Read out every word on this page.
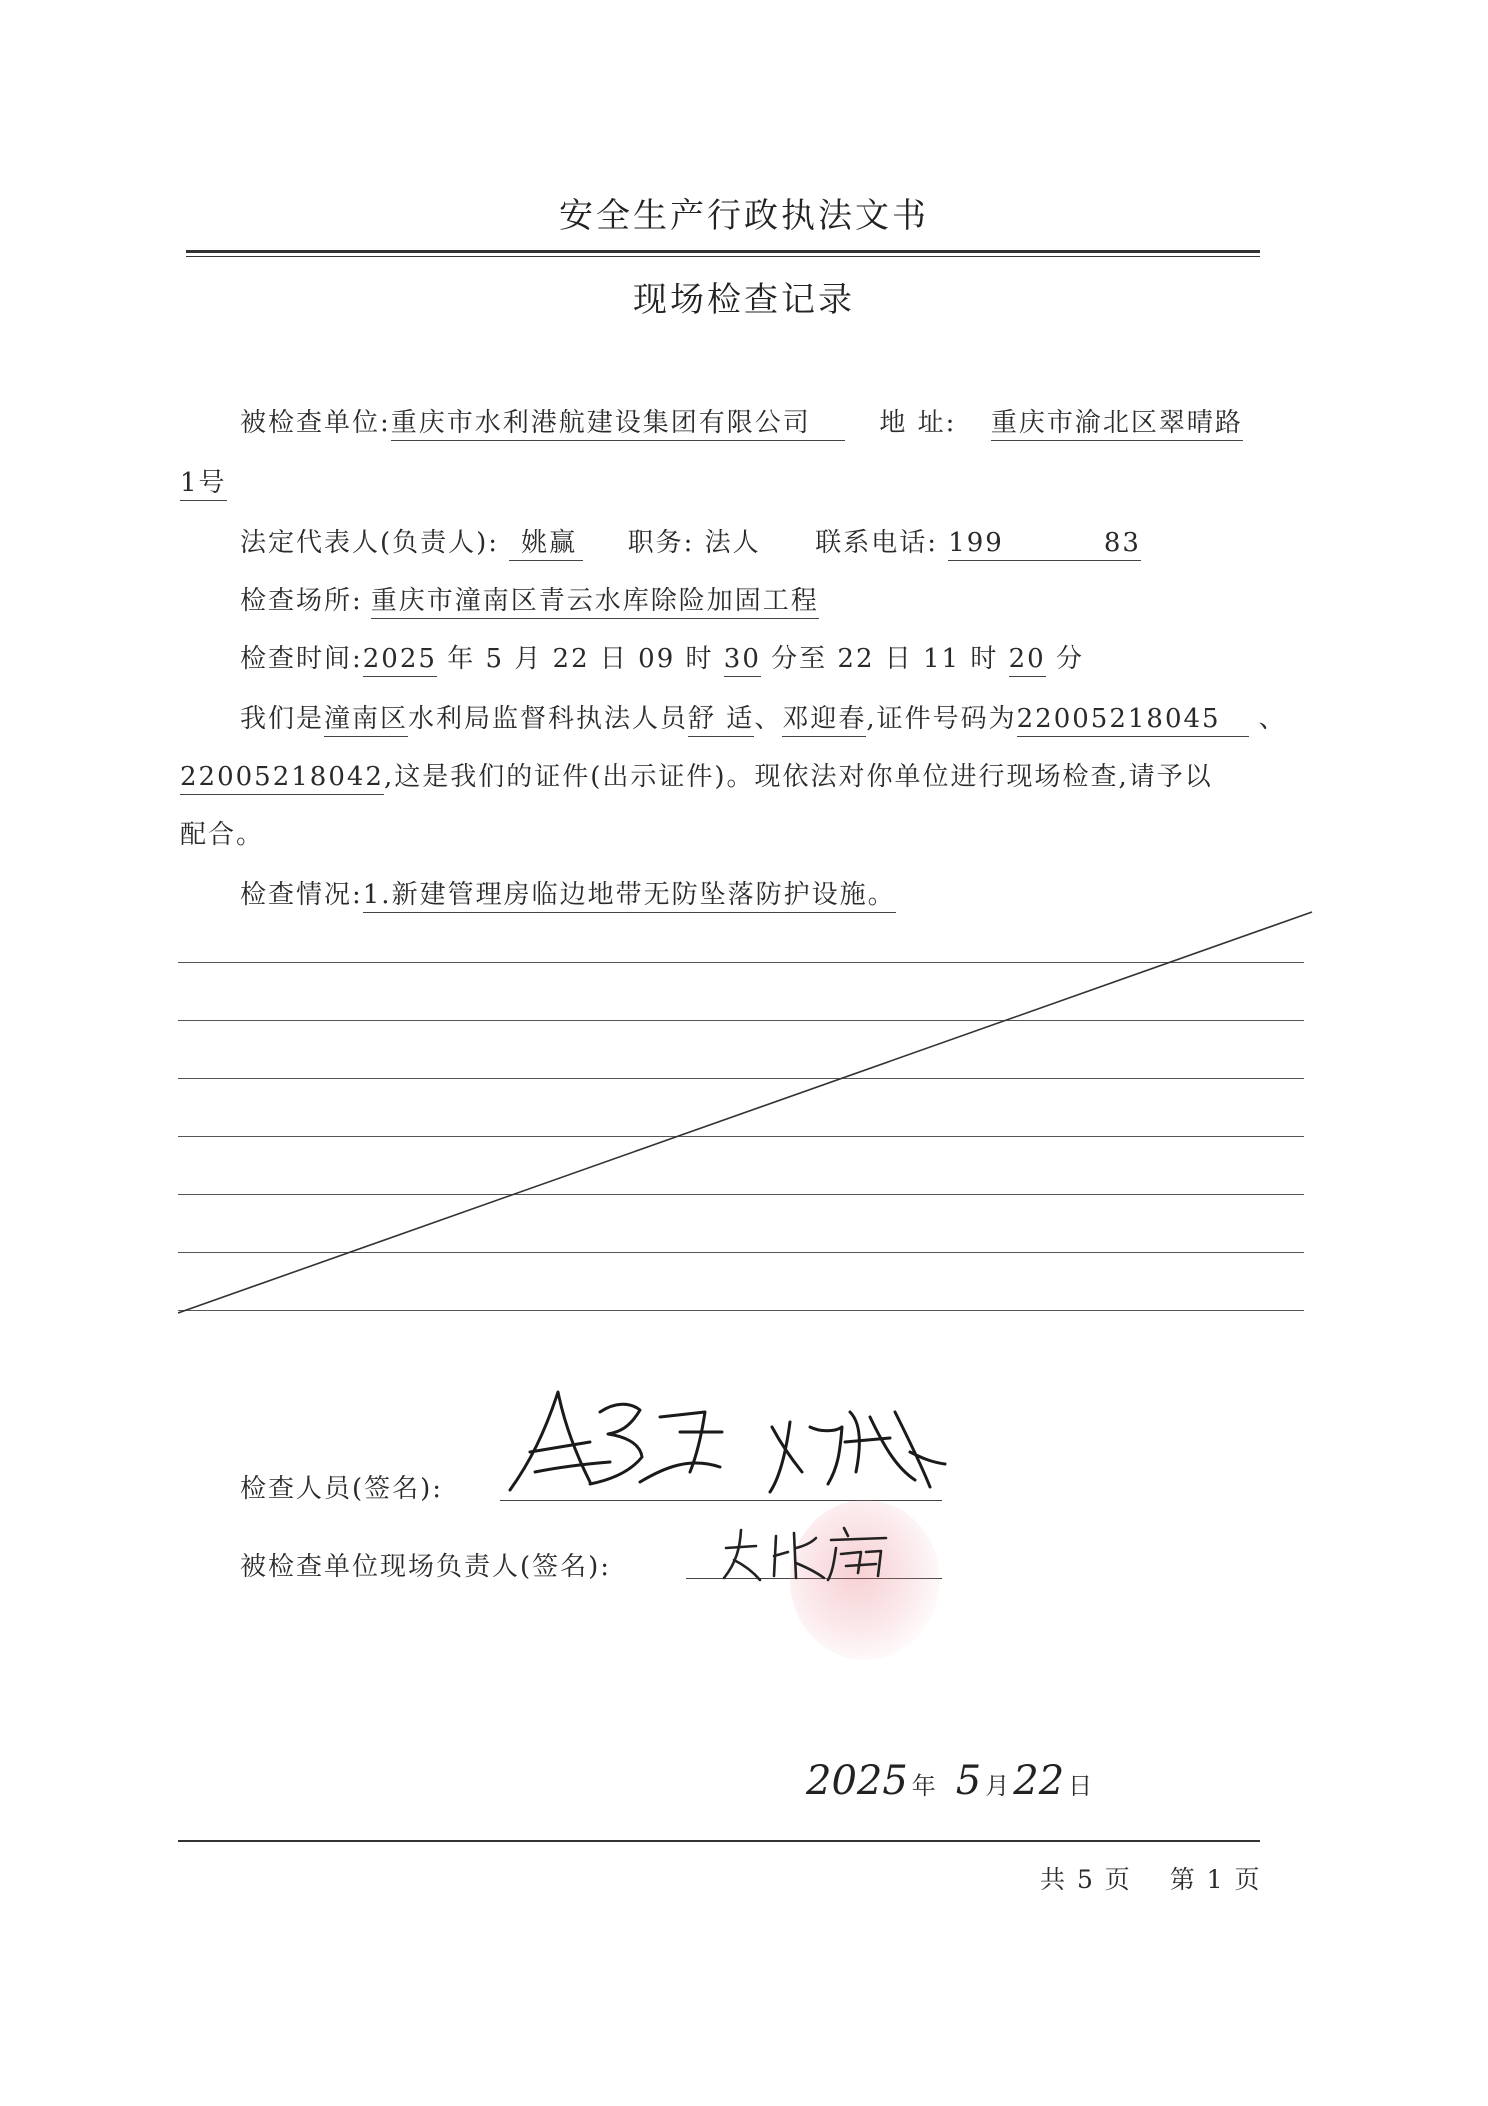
安全生产行政执法文书
现场检查记录
被检查单位:重庆市水利港航建设集团有限公司	地 址: 重庆市渝北区翠晴路
1号
法定代表人(负责人): 姚赢 职务: 法人 联系电话: 199	83
检查场所: 重庆市潼南区青云水库除险加固工程
检查时间:2025 年 5 月 22 日 09 时 30 分至 22 日 11 时 20 分
我们是潼南区水利局监督科执法人员舒 适、邓迎春,证件号码为22005218045 、
22005218042,这是我们的证件(出示证件)。现依法对你单位进行现场检查,请予以
配合。
检查情况:1.新建管理房临边地带无防坠落防护设施。
检查人员(签名):
被检查单位现场负责人(签名):
2025 年 5 月 22 日
共 5 页 第 1 页
